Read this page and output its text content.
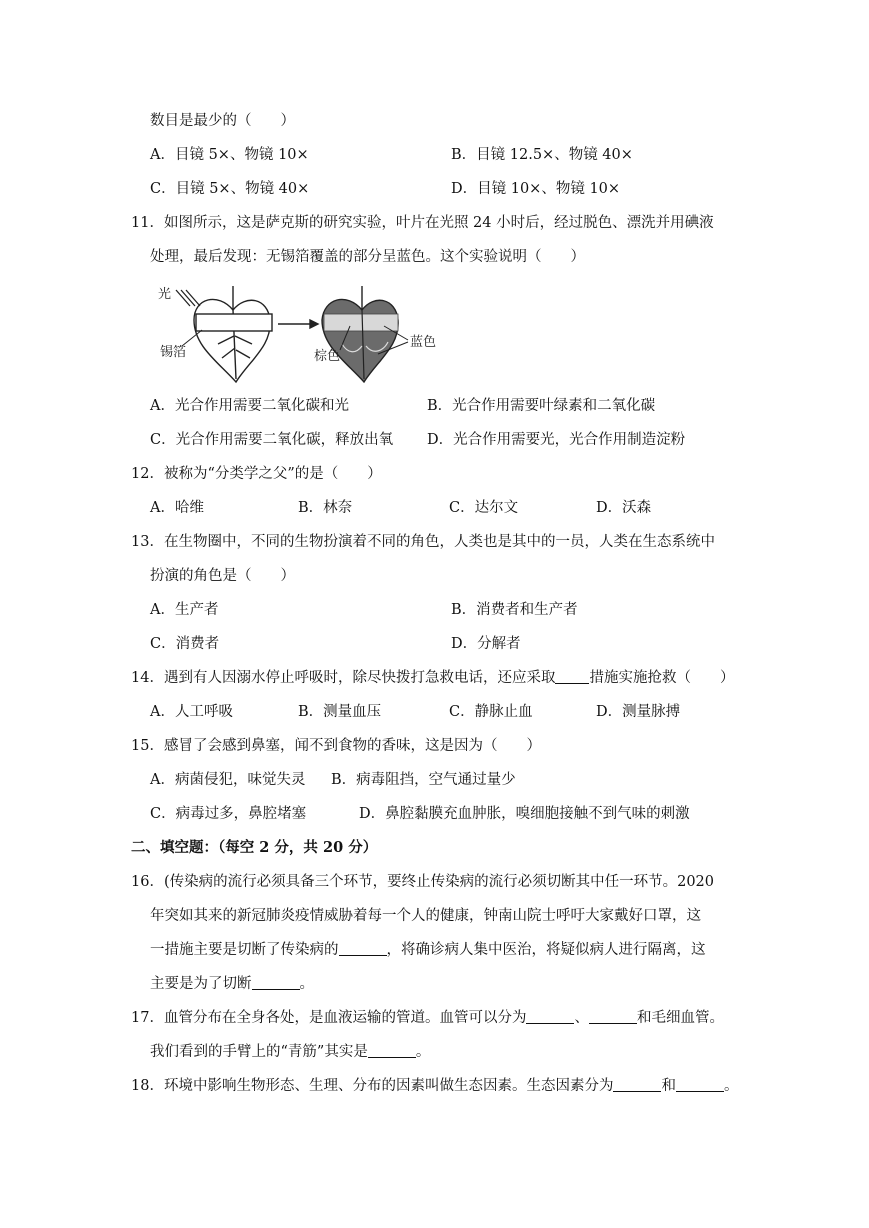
数目是最少的（　　）
A．目镜 5×、物镜 10×	B．目镜 12.5×、物镜 40×
C．目镜 5×、物镜 40×	D．目镜 10×、物镜 10×
11．如图所示，这是萨克斯的研究实验，叶片在光照 24 小时后，经过脱色、漂洗并用碘液
处理，最后发现：无锡箔覆盖的部分呈蓝色。这个实验说明（　　）
光
锡箔	棕色
蓝色
A．光合作用需要二氧化碳和光	B．光合作用需要叶绿素和二氧化碳
C．光合作用需要二氧化碳，释放出氧 D．光合作用需要光，光合作用制造淀粉
12．被称为“分类学之父”的是（　　）
A．哈维	B．林奈	C．达尔文	D．沃森
13．在生物圈中，不同的生物扮演着不同的角色，人类也是其中的一员，人类在生态系统中
扮演的角色是（　　）
A．生产者	B．消费者和生产者
C．消费者	D．分解者
14．遇到有人因溺水停止呼吸时，除尽快拨打急救电话，还应采取 措施实施抢救（　　）
A．人工呼吸	B．测量血压	C．静脉止血	D．测量脉搏
15．感冒了会感到鼻塞，闻不到食物的香味，这是因为（　　）
A．病菌侵犯，味觉失灵 B．病毒阻挡，空气通过量少
C．病毒过多，鼻腔堵塞	D．鼻腔黏膜充血肿胀，嗅细胞接触不到气味的刺激
二、填空题：（每空 2 分，共 20 分）
16．(传染病的流行必须具备三个环节，要终止传染病的流行必须切断其中任一环节。2020
年突如其来的新冠肺炎疫情威胁着每一个人的健康，钟南山院士呼吁大家戴好口罩，这
一措施主要是切断了传染病的	，将确诊病人集中医治，将疑似病人进行隔离，这
主要是为了切断	。
17．血管分布在全身各处，是血液运输的管道。血管可以分为	、	和毛细血管。
我们看到的手臂上的“青筋”其实是	。
18．环境中影响生物形态、生理、分布的因素叫做生态因素。生态因素分为	和	。
